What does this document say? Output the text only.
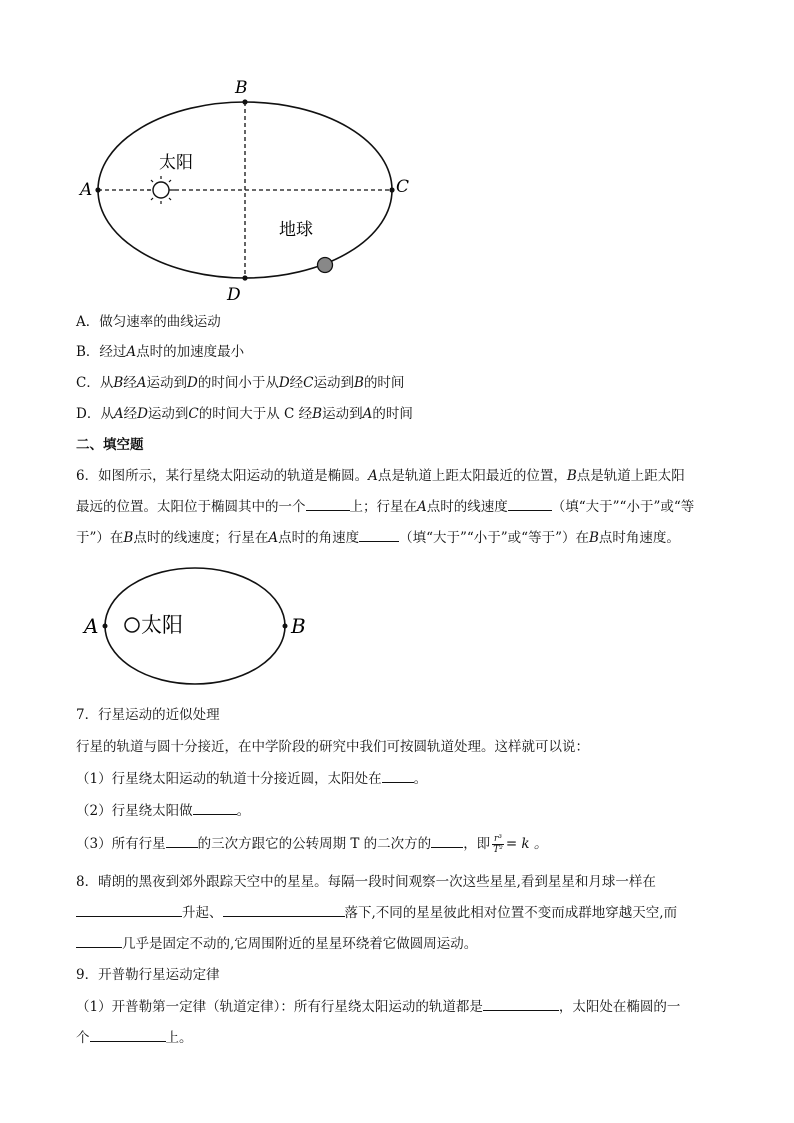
A
B
C
D
太阳
地球
A．做匀速率的曲线运动
B．经过A点时的加速度最小
C．从B经A运动到D的时间小于从D经C运动到B的时间
D．从A经D运动到C的时间大于从 C 经B运动到A的时间
二、填空题
6．如图所示，某行星绕太阳运动的轨道是椭圆。A点是轨道上距太阳最近的位置，B点是轨道上距太阳
最远的位置。太阳位于椭圆其中的一个	上；行星在A点时的线速度	（填“大于”“小于”或“等
于”）在B点时的线速度；行星在A点时的角速度	（填“大于”“小于”或“等于”）在B点时角速度。
A	B
太阳
7．行星运动的近似处理
行星的轨道与圆十分接近，在中学阶段的研究中我们可按圆轨道处理。这样就可以说：
（1）行星绕太阳运动的轨道十分接近圆，太阳处在 。
（2）行星绕太阳做	。
（3）所有行星 的三次方跟它的公转周期 T 的二次方的 ，即 $\frac{\text{r³}}{\text{T²}} = k$ 。
8．晴朗的黑夜到郊外跟踪天空中的星星。每隔一段时间观察一次这些星星,看到星星和月球一样在
升起、	落下,不同的星星彼此相对位置不变而成群地穿越天空,而
几乎是固定不动的,它周围附近的星星环绕着它做圆周运动。
9．开普勒行星运动定律
（1）开普勒第一定律（轨道定律）：所有行星绕太阳运动的轨道都是	，太阳处在椭圆的一
个	上。
